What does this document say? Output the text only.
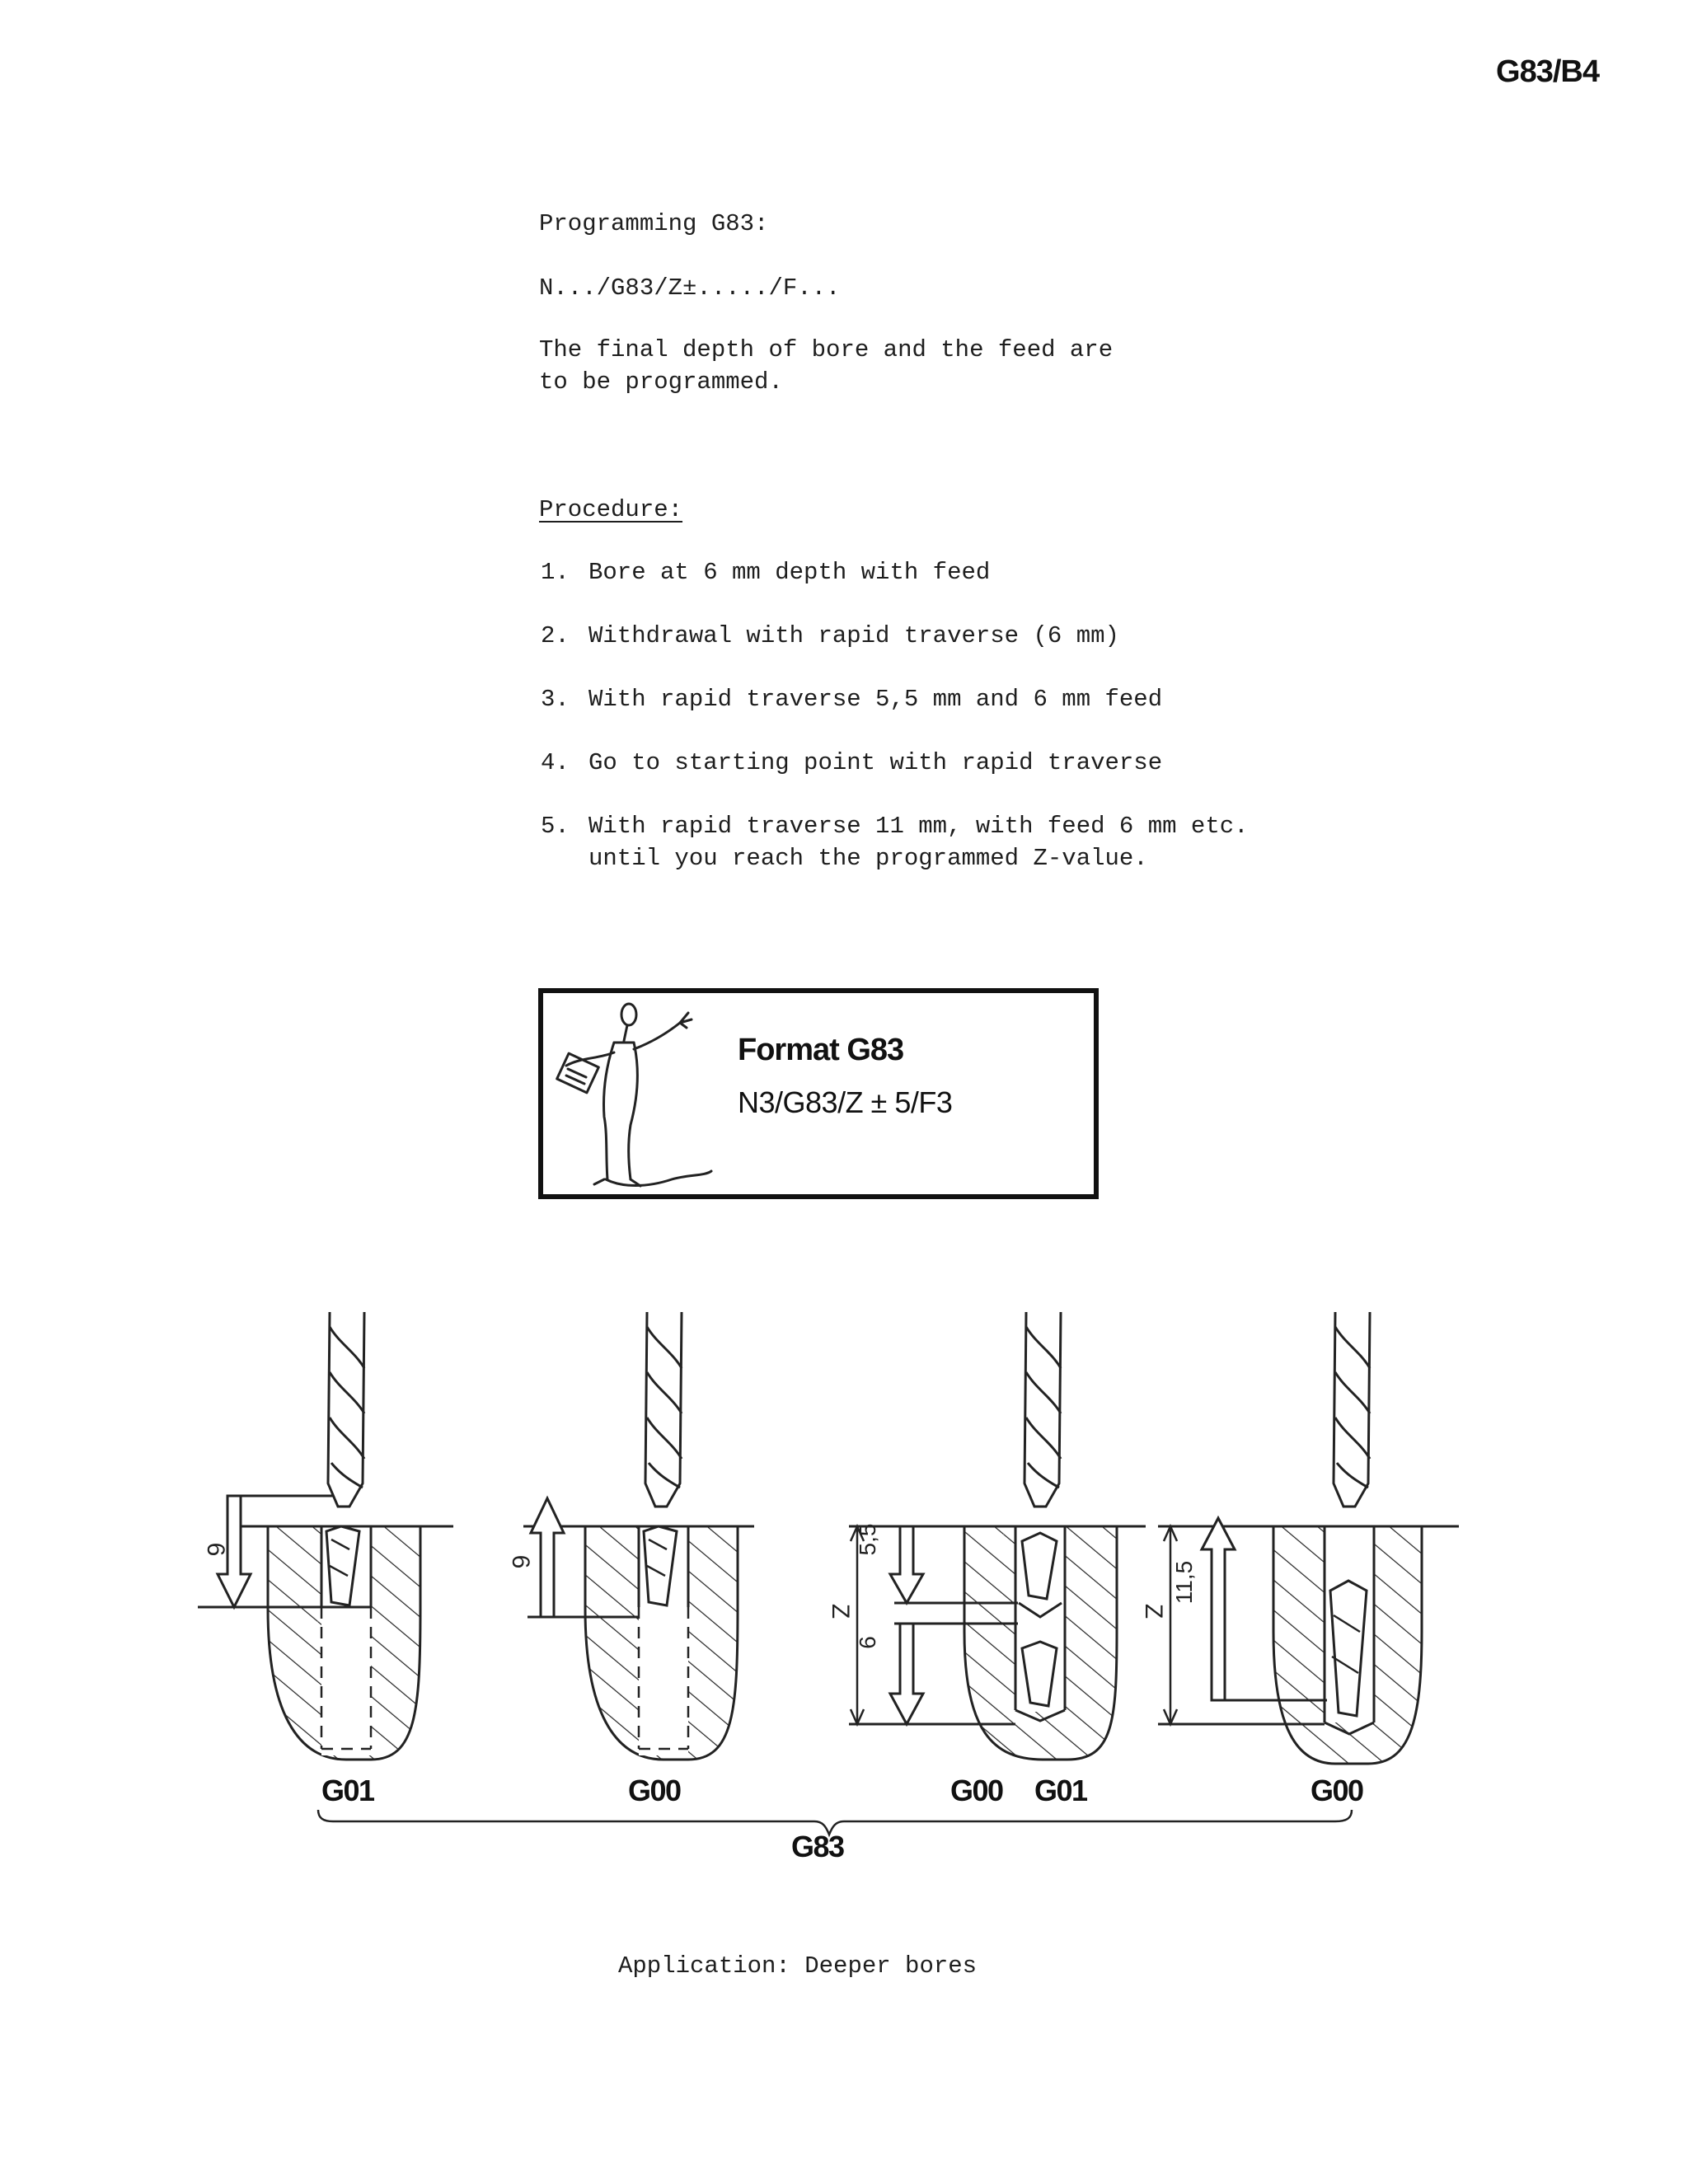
G83/B4
Programming G83:
N.../G83/Z±...../F...
The final depth of bore and the feed are
to be programmed.
Procedure:
1. Bore at 6 mm depth with feed
2. Withdrawal with rapid traverse (6 mm)
3. With rapid traverse 5,5 mm and 6 mm feed
4. Go to starting point with rapid traverse
5. With rapid traverse 11 mm, with feed 6 mm etc. until you reach the programmed Z-value.
Format G83
N3/G83/Z ± 5/F3
6
6
Z
5,5
6
Z
11,5
G01	G00	G00 G01	G00
G83
Application: Deeper bores
